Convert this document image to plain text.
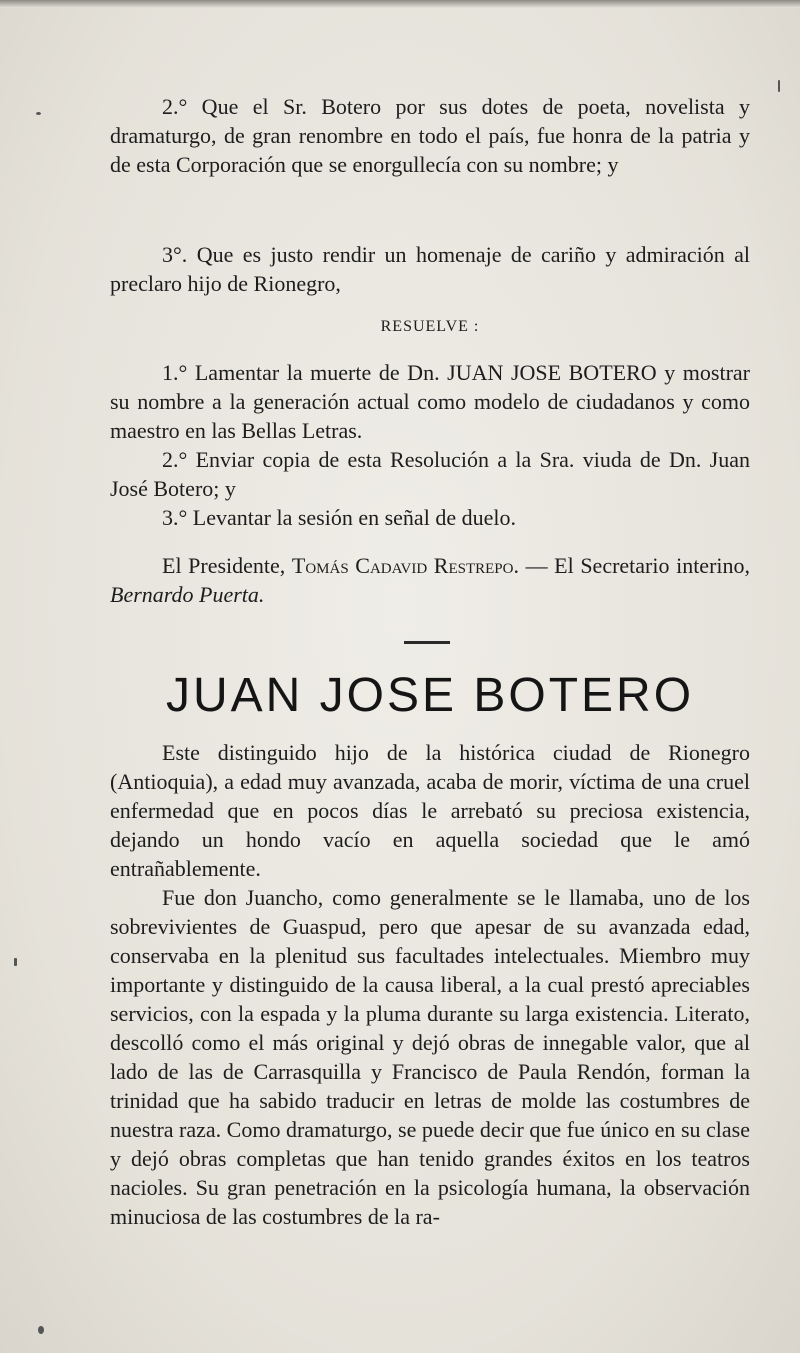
2.° Que el Sr. Botero por sus dotes de poeta, novelista y dramaturgo, de gran renombre en todo el país, fue honra de la patria y de esta Corporación que se enorgullecía con su nombre; y

3°. Que es justo rendir un homenaje de cariño y admiración al preclaro hijo de Rionegro,

RESUELVE :

1.° Lamentar la muerte de Dn. JUAN JOSE BOTERO y mostrar su nombre a la generación actual como modelo de ciudadanos y como maestro en las Bellas Letras.

2.° Enviar copia de esta Resolución a la Sra. viuda de Dn. Juan José Botero; y

3.° Levantar la sesión en señal de duelo.

El Presidente, Tomás Cadavid Restrepo. — El Secretario interino, Bernardo Puerta.

JUAN JOSE BOTERO

Este distinguido hijo de la histórica ciudad de Rionegro (Antioquia), a edad muy avanzada, acaba de morir, víctima de una cruel enfermedad que en pocos días le arrebató su preciosa existencia, dejando un hondo vacío en aquella sociedad que le amó entrañablemente.

Fue don Juancho, como generalmente se le llamaba, uno de los sobrevivientes de Guaspud, pero que apesar de su avanzada edad, conservaba en la plenitud sus facultades intelectuales. Miembro muy importante y distinguido de la causa liberal, a la cual prestó apreciables servicios, con la espada y la pluma durante su larga existencia. Literato, descolló como el más original y dejó obras de innegable valor, que al lado de las de Carrasquilla y Francisco de Paula Rendón, forman la trinidad que ha sabido traducir en letras de molde las costumbres de nuestra raza. Como dramaturgo, se puede decir que fue único en su clase y dejó obras completas que han tenido grandes éxitos en los teatros nacioles. Su gran penetración en la psicología humana, la observación minuciosa de las costumbres de la ra-
